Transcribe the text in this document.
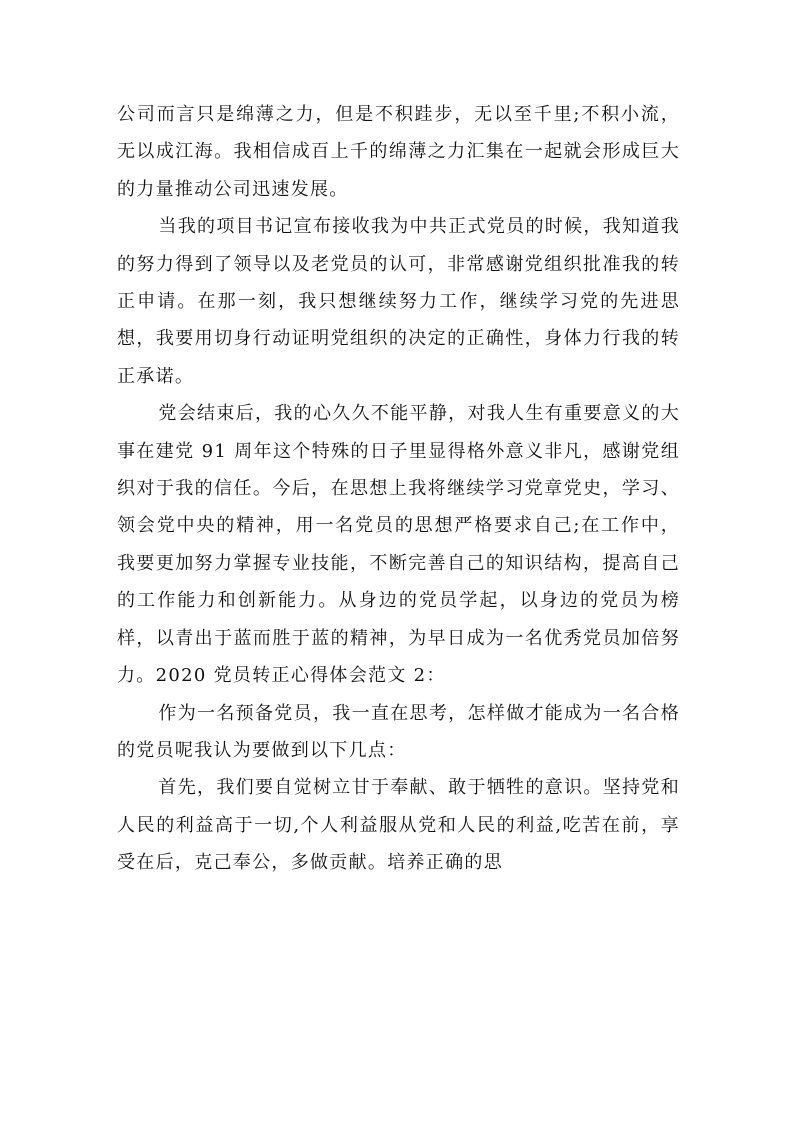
公司而言只是绵薄之力，但是不积跬步，无以至千里;不积小流，无以成江海。我相信成百上千的绵薄之力汇集在一起就会形成巨大的力量推动公司迅速发展。

当我的项目书记宣布接收我为中共正式党员的时候，我知道我的努力得到了领导以及老党员的认可，非常感谢党组织批准我的转正申请。在那一刻，我只想继续努力工作，继续学习党的先进思想，我要用切身行动证明党组织的决定的正确性，身体力行我的转正承诺。

党会结束后，我的心久久不能平静，对我人生有重要意义的大事在建党 91 周年这个特殊的日子里显得格外意义非凡，感谢党组织对于我的信任。今后，在思想上我将继续学习党章党史，学习、领会党中央的精神，用一名党员的思想严格要求自己;在工作中，我要更加努力掌握专业技能，不断完善自己的知识结构，提高自己的工作能力和创新能力。从身边的党员学起，以身边的党员为榜样，以青出于蓝而胜于蓝的精神，为早日成为一名优秀党员加倍努力。2020 党员转正心得体会范文 2：

作为一名预备党员，我一直在思考，怎样做才能成为一名合格的党员呢我认为要做到以下几点：

首先，我们要自觉树立甘于奉献、敢于牺牲的意识。坚持党和人民的利益高于一切,个人利益服从党和人民的利益,吃苦在前，享受在后，克己奉公，多做贡献。培养正确的思
